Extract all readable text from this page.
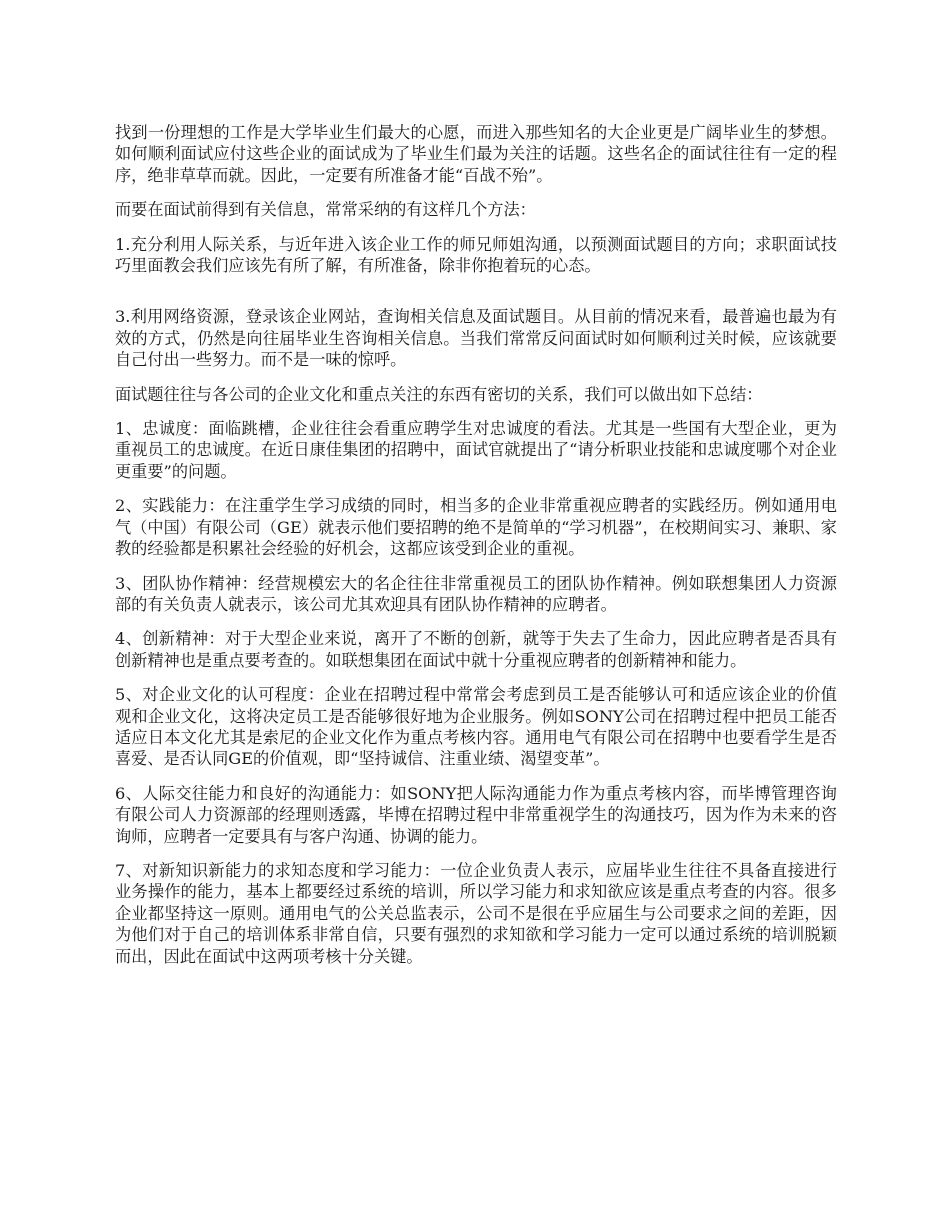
找到一份理想的工作是大学毕业生们最大的心愿，而进入那些知名的大企业更是广阔毕业生的梦想。如何顺利面试应付这些企业的面试成为了毕业生们最为关注的话题。这些名企的面试往往有一定的程序，绝非草草而就。因此，一定要有所准备才能“百战不殆”。

而要在面试前得到有关信息，常常采纳的有这样几个方法：

1.充分利用人际关系，与近年进入该企业工作的师兄师姐沟通，以预测面试题目的方向；求职面试技巧里面教会我们应该先有所了解，有所准备，除非你抱着玩的心态。

3.利用网络资源，登录该企业网站，查询相关信息及面试题目。从目前的情况来看，最普遍也最为有效的方式，仍然是向往届毕业生咨询相关信息。当我们常常反问面试时如何顺利过关时候，应该就要自己付出一些努力。而不是一味的惊呼。

面试题往往与各公司的企业文化和重点关注的东西有密切的关系，我们可以做出如下总结：

1、忠诚度：面临跳槽，企业往往会看重应聘学生对忠诚度的看法。尤其是一些国有大型企业，更为重视员工的忠诚度。在近日康佳集团的招聘中，面试官就提出了“请分析职业技能和忠诚度哪个对企业更重要”的问题。

2、实践能力：在注重学生学习成绩的同时，相当多的企业非常重视应聘者的实践经历。例如通用电气（中国）有限公司（GE）就表示他们要招聘的绝不是简单的“学习机器”，在校期间实习、兼职、家教的经验都是积累社会经验的好机会，这都应该受到企业的重视。

3、团队协作精神：经营规模宏大的名企往往非常重视员工的团队协作精神。例如联想集团人力资源部的有关负责人就表示，该公司尤其欢迎具有团队协作精神的应聘者。

4、创新精神：对于大型企业来说，离开了不断的创新，就等于失去了生命力，因此应聘者是否具有创新精神也是重点要考查的。如联想集团在面试中就十分重视应聘者的创新精神和能力。

5、对企业文化的认可程度：企业在招聘过程中常常会考虑到员工是否能够认可和适应该企业的价值观和企业文化，这将决定员工是否能够很好地为企业服务。例如SONY公司在招聘过程中把员工能否适应日本文化尤其是索尼的企业文化作为重点考核内容。通用电气有限公司在招聘中也要看学生是否喜爱、是否认同GE的价值观，即“坚持诚信、注重业绩、渴望变革”。

6、人际交往能力和良好的沟通能力：如SONY把人际沟通能力作为重点考核内容，而毕博管理咨询有限公司人力资源部的经理则透露，毕博在招聘过程中非常重视学生的沟通技巧，因为作为未来的咨询师，应聘者一定要具有与客户沟通、协调的能力。

7、对新知识新能力的求知态度和学习能力：一位企业负责人表示，应届毕业生往往不具备直接进行业务操作的能力，基本上都要经过系统的培训，所以学习能力和求知欲应该是重点考查的内容。很多企业都坚持这一原则。通用电气的公关总监表示，公司不是很在乎应届生与公司要求之间的差距，因为他们对于自己的培训体系非常自信，只要有强烈的求知欲和学习能力一定可以通过系统的培训脱颖而出，因此在面试中这两项考核十分关键。
